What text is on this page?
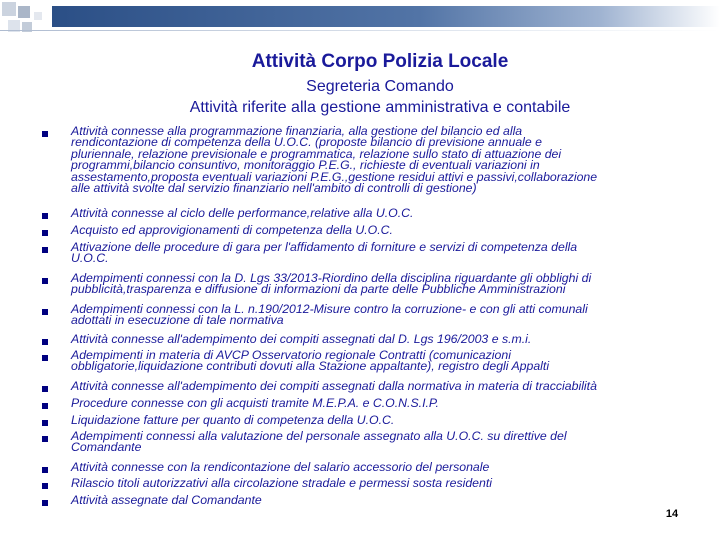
Attività Corpo Polizia Locale
Segreteria Comando
Attività riferite alla gestione amministrativa e contabile
Attività connesse alla programmazione finanziaria, alla gestione del bilancio ed alla
rendicontazione di competenza della U.O.C. (proposte bilancio di previsione annuale e
pluriennale, relazione previsionale e programmatica, relazione sullo stato di attuazione dei
programmi,bilancio consuntivo, monitoraggio P.E.G., richieste di eventuali variazioni in
assestamento,proposta eventuali variazioni P.E.G.,gestione residui attivi e passivi,collaborazione
alle attività svolte dal servizio finanziario nell'ambito di controlli di gestione)
Attività connesse al ciclo delle performance,relative alla U.O.C.
Acquisto ed approvigionamenti di competenza della U.O.C.
Attivazione delle procedure di gara per l'affidamento di forniture e servizi di competenza della
U.O.C.
Adempimenti connessi con la D. Lgs 33/2013-Riordino della disciplina riguardante gli obblighi di
pubblicità,trasparenza e diffusione di informazioni da parte delle Pubbliche Amministrazioni
Adempimenti connessi con la L. n.190/2012-Misure contro la corruzione- e con gli atti comunali
adottati in esecuzione di tale normativa
Attività connesse all'adempimento dei compiti assegnati dal D. Lgs 196/2003 e s.m.i.
Adempimenti in materia di AVCP Osservatorio regionale Contratti (comunicazioni
obbligatorie,liquidazione contributi dovuti alla Stazione appaltante), registro degli Appalti
Attività connesse all'adempimento dei compiti assegnati dalla normativa in materia di tracciabilità
Procedure connesse con gli acquisti tramite M.E.P.A. e C.O.N.S.I.P.
Liquidazione fatture per quanto di competenza della U.O.C.
Adempimenti connessi alla valutazione del personale assegnato alla U.O.C. su direttive del
Comandante
Attività connesse con la rendicontazione del salario accessorio del personale
Rilascio titoli autorizzativi alla circolazione stradale e permessi sosta residenti
Attività assegnate dal Comandante
14
